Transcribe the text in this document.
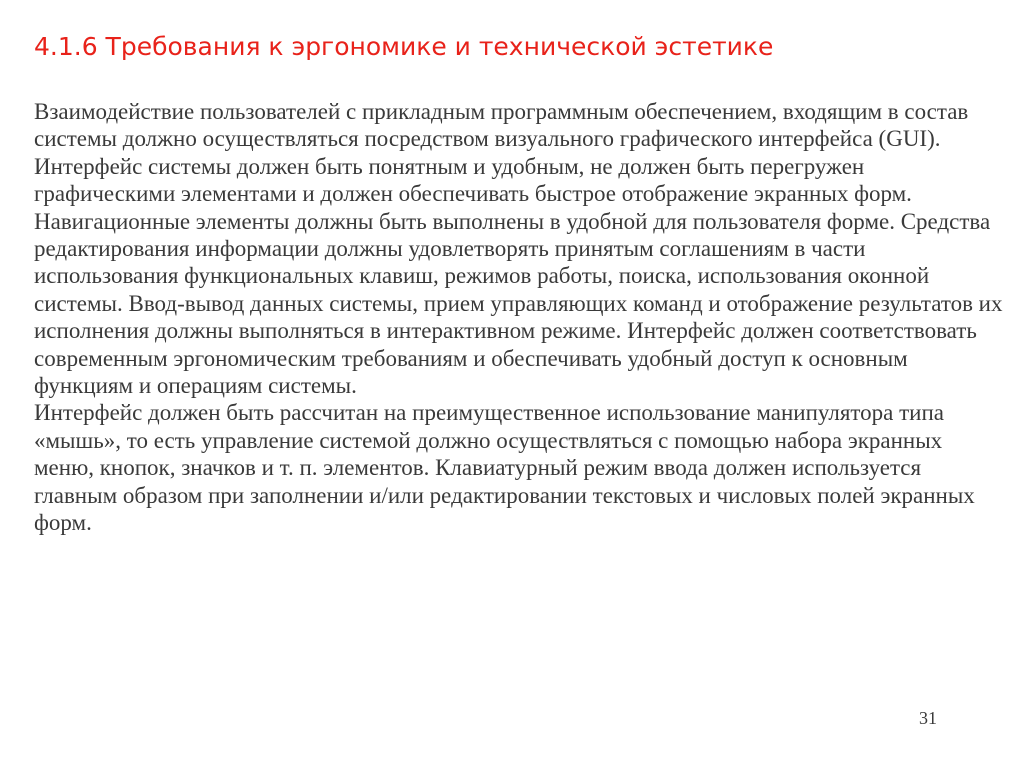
4.1.6 Требования к эргономике и технической эстетике

Взаимодействие пользователей с прикладным программным обеспечением, входящим в состав системы должно осуществляться посредством визуального графического интерфейса (GUI). Интерфейс системы должен быть понятным и удобным, не должен быть перегружен графическими элементами и должен обеспечивать быстрое отображение экранных форм. Навигационные элементы должны быть выполнены в удобной для пользователя форме. Средства редактирования информации должны удовлетворять принятым соглашениям в части использования функциональных клавиш, режимов работы, поиска, использования оконной системы. Ввод-вывод данных системы, прием управляющих команд и отображение результатов их исполнения должны выполняться в интерактивном режиме. Интерфейс должен соответствовать современным эргономическим требованиям и обеспечивать удобный доступ к основным функциям и операциям системы.

Интерфейс должен быть рассчитан на преимущественное использование манипулятора типа «мышь», то есть управление системой должно осуществляться с помощью набора экранных меню, кнопок, значков и т. п. элементов. Клавиатурный режим ввода должен используется главным образом при заполнении и/или редактировании текстовых и числовых полей экранных форм.

31
